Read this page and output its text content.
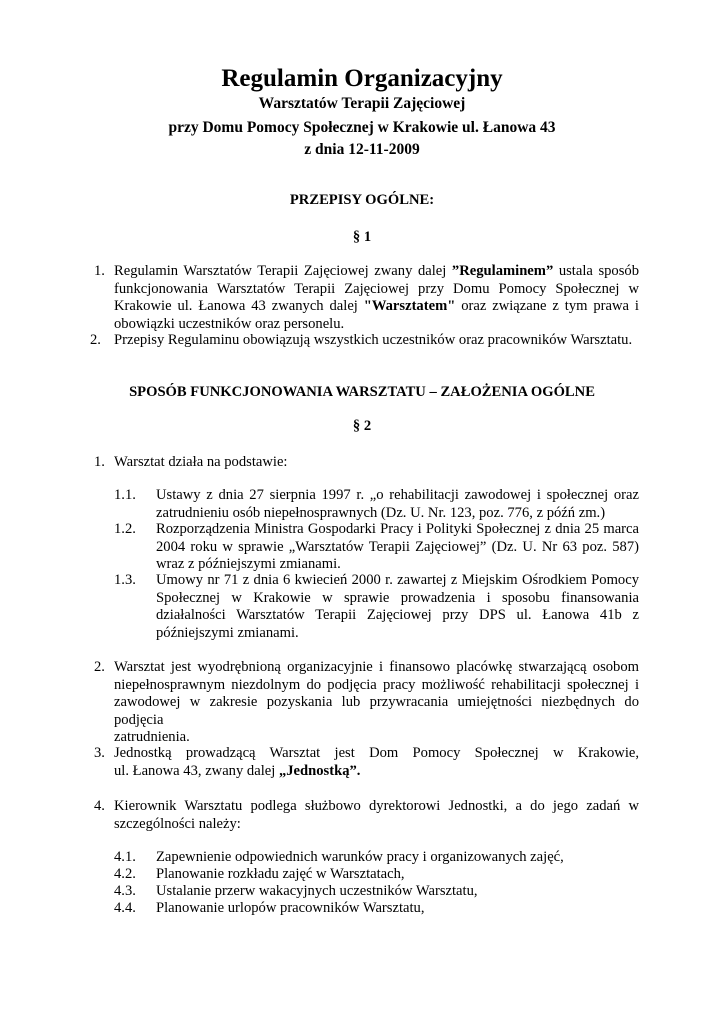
Regulamin Organizacyjny
Warsztatów Terapii Zajęciowej
przy Domu Pomocy Społecznej w Krakowie ul. Łanowa 43
z dnia 12-11-2009
PRZEPISY OGÓLNE:
§ 1
1. Regulamin Warsztatów Terapii Zajęciowej zwany dalej ”Regulaminem” ustala sposób
funkcjonowania Warsztatów Terapii Zajęciowej przy Domu Pomocy Społecznej w
Krakowie ul. Łanowa 43 zwanych dalej "Warsztatem" oraz związane z tym prawa i
obowiązki uczestników oraz personelu.
2. Przepisy Regulaminu obowiązują wszystkich uczestników oraz pracowników Warsztatu.
SPOSÓB FUNKCJONOWANIA WARSZTATU – ZAŁOŻENIA OGÓLNE
§ 2
1. Warsztat działa na podstawie:
1.1. Ustawy z dnia 27 sierpnia 1997 r. „o rehabilitacji zawodowej i społecznej oraz
zatrudnieniu osób niepełnosprawnych (Dz. U. Nr. 123, poz. 776, z późń zm.)
1.2. Rozporządzenia Ministra Gospodarki Pracy i Polityki Społecznej z dnia 25 marca
2004 roku w sprawie „Warsztatów Terapii Zajęciowej” (Dz. U. Nr 63 poz. 587)
wraz z późniejszymi zmianami.
1.3. Umowy nr 71 z dnia 6 kwiecień 2000 r. zawartej z Miejskim Ośrodkiem Pomocy
Społecznej w Krakowie w sprawie prowadzenia i sposobu finansowania
działalności Warsztatów Terapii Zajęciowej przy DPS ul. Łanowa 41b z
późniejszymi zmianami.
2. Warsztat jest wyodrębnioną organizacyjnie i finansowo placówkę stwarzającą osobom
niepełnosprawnym niezdolnym do podjęcia pracy możliwość rehabilitacji społecznej i
zawodowej w zakresie pozyskania lub przywracania umiejętności niezbędnych do podjęcia
zatrudnienia.
3. Jednostką prowadzącą Warsztat jest Dom Pomocy Społecznej w Krakowie,
ul. Łanowa 43, zwany dalej „Jednostką”.
4. Kierownik Warsztatu podlega służbowo dyrektorowi Jednostki, a do jego zadań w
szczególności należy:
4.1. Zapewnienie odpowiednich warunków pracy i organizowanych zajęć,
4.2. Planowanie rozkładu zajęć w Warsztatach,
4.3. Ustalanie przerw wakacyjnych uczestników Warsztatu,
4.4. Planowanie urlopów pracowników Warsztatu,
